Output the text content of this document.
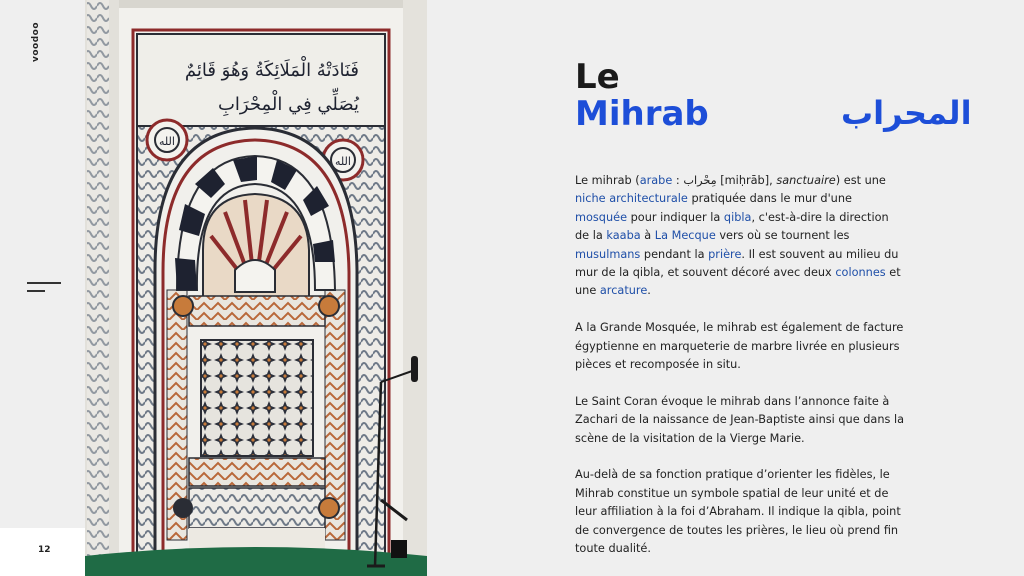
voodoo
12
فَنَادَتْهُ الْمَلَائِكَةُ وَهُوَ قَائِمٌ
يُصَلِّي فِي الْمِحْرَابِ
الله
الله
Le
Mihrab	المحراب

Le mihrab (arabe : مِحْراب [miḥrāb], sanctuaire) est une niche architecturale pratiquée dans le mur d'une mosquée pour indiquer la qibla, c'est-à-dire la direction de la kaaba à La Mecque vers où se tournent les musulmans pendant la prière. Il est souvent au milieu du mur de la qibla, et souvent décoré avec deux colonnes et une arcature.

A la Grande Mosquée, le mihrab est également de facture égyptienne en marqueterie de marbre livrée en plusieurs pièces et recomposée in situ.

Le Saint Coran évoque le mihrab dans l’annonce faite à Zachari de la naissance de Jean-Baptiste ainsi que dans la scène de la visitation de la Vierge Marie.

Au-delà de sa fonction pratique d’orienter les fidèles, le Mihrab constitue un symbole spatial de leur unité et de leur affiliation à la foi d’Abraham. Il indique la qibla, point de convergence de toutes les prières, le lieu où prend fin toute dualité.
